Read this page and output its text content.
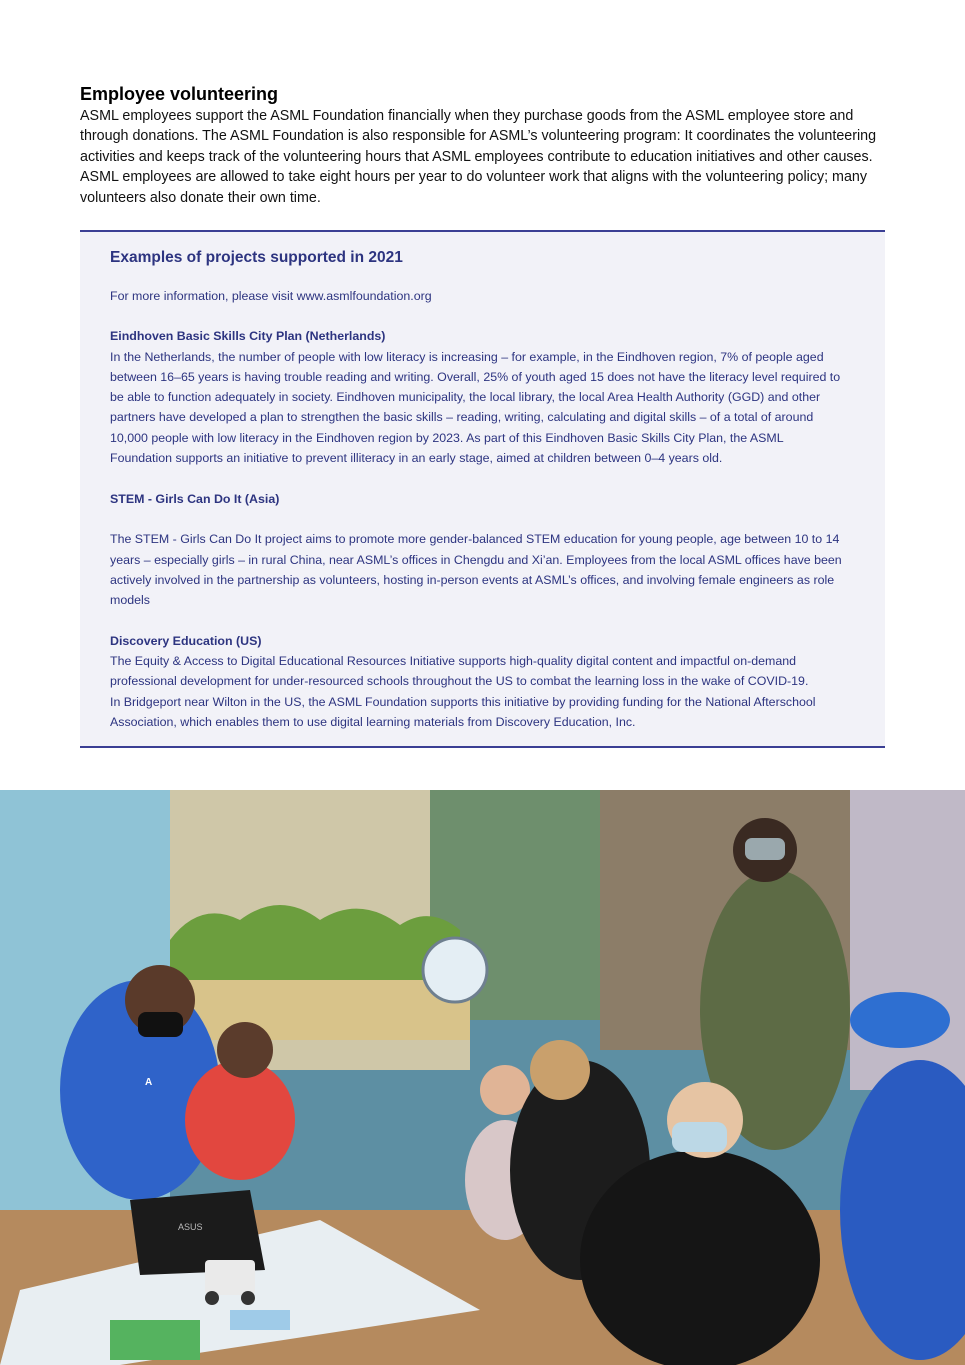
Employee volunteering

ASML employees support the ASML Foundation financially when they purchase goods from the ASML employee store and through donations. The ASML Foundation is also responsible for ASML’s volunteering program: It coordinates the volunteering activities and keeps track of the volunteering hours that ASML employees contribute to education initiatives and other causes. ASML employees are allowed to take eight hours per year to do volunteer work that aligns with the volunteering policy; many volunteers also donate their own time.

Examples of projects supported in 2021

For more information, please visit www.asmlfoundation.org

Eindhoven Basic Skills City Plan (Netherlands)

In the Netherlands, the number of people with low literacy is increasing – for example, in the Eindhoven region, 7% of people aged between 16–65 years is having trouble reading and writing. Overall, 25% of youth aged 15 does not have the literacy level required to be able to function adequately in society. Eindhoven municipality, the local library, the local Area Health Authority (GGD) and other partners have developed a plan to strengthen the basic skills – reading, writing, calculating and digital skills – of a total of around 10,000 people with low literacy in the Eindhoven region by 2023. As part of this Eindhoven Basic Skills City Plan, the ASML Foundation supports an initiative to prevent illiteracy in an early stage, aimed at children between 0–4 years old.

STEM - Girls Can Do It (Asia)

The STEM - Girls Can Do It project aims to promote more gender-balanced STEM education for young people, age between 10 to 14 years – especially girls – in rural China, near ASML’s offices in Chengdu and Xi’an. Employees from the local ASML offices have been actively involved in the partnership as volunteers, hosting in-person events at ASML’s offices, and involving female engineers as role models

Discovery Education (US)

The Equity & Access to Digital Educational Resources Initiative supports high-quality digital content and impactful on-demand professional development for under-resourced schools throughout the US to combat the learning loss in the wake of COVID-19.

In Bridgeport near Wilton in the US, the ASML Foundation supports this initiative by providing funding for the National Afterschool Association, which enables them to use digital learning materials from Discovery Education, Inc.

ASUS
A
